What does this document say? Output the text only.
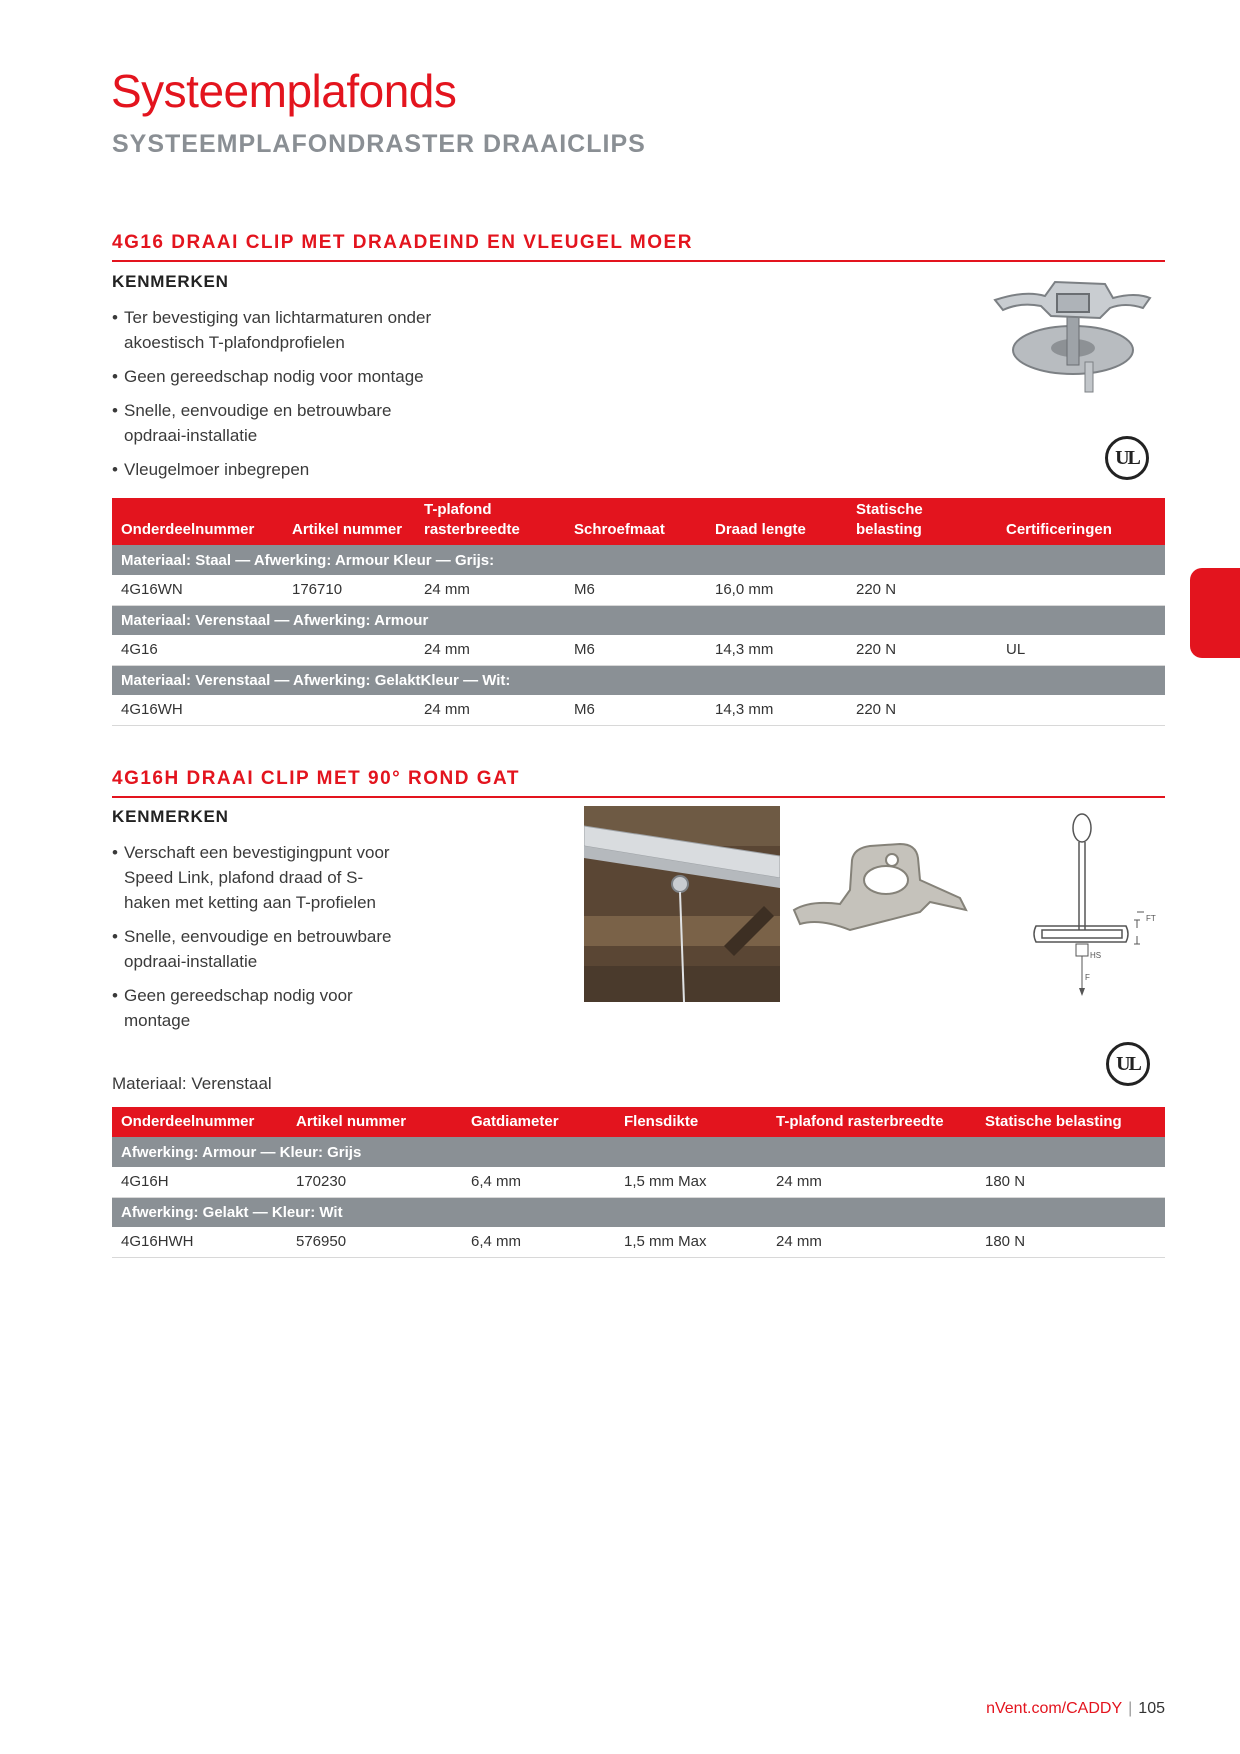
Systeemplafonds
SYSTEEMPLAFONDRASTER DRAAICLIPS
4G16 DRAAI CLIP MET DRAADEIND EN VLEUGEL MOER
KENMERKEN
• Ter bevestiging van lichtarmaturen onder akoestisch T-plafondprofielen
• Geen gereedschap nodig voor montage
• Snelle, eenvoudige en betrouwbare opdraai-installatie
• Vleugelmoer inbegrepen
UL
Onderdeelnummer	Artikel nummer	T-plafond rasterbreedte	Schroefmaat	Draad lengte	Statische belasting	Certificeringen
Materiaal: Staal — Afwerking: Armour Kleur — Grijs:						
4G16WN	176710	24 mm	M6	16,0 mm	220 N	
Materiaal: Verenstaal — Afwerking: Armour						
4G16		24 mm	M6	14,3 mm	220 N	UL
Materiaal: Verenstaal — Afwerking: GelaktKleur — Wit:						
4G16WH		24 mm	M6	14,3 mm	220 N	
4G16H DRAAI CLIP MET 90° ROND GAT
KENMERKEN
• Verschaft een bevestigingpunt voor Speed Link, plafond draad of S-haken met ketting aan T-profielen
• Snelle, eenvoudige en betrouwbare opdraai-installatie
• Geen gereedschap nodig voor montage
Materiaal: Verenstaal
FT
HS
F
UL
Onderdeelnummer	Artikel nummer	Gatdiameter	Flensdikte	T-plafond rasterbreedte	Statische belasting
Afwerking: Armour — Kleur: Grijs					
4G16H	170230	6,4 mm	1,5 mm Max	24 mm	180 N
Afwerking: Gelakt — Kleur: Wit					
4G16HWH	576950	6,4 mm	1,5 mm Max	24 mm	180 N
nVent.com/CADDY | 105
